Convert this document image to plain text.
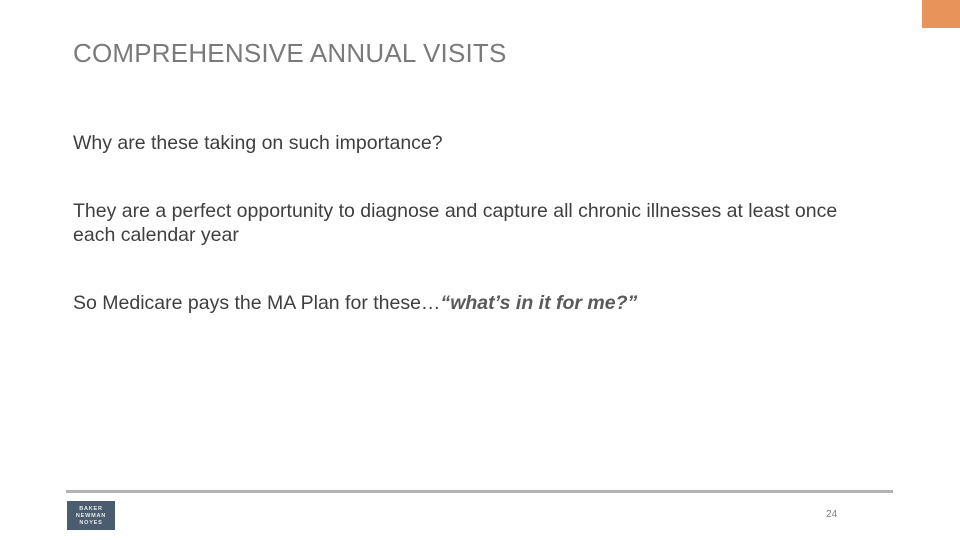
COMPREHENSIVE ANNUAL VISITS

Why are these taking on such importance?

They are a perfect opportunity to diagnose and capture all chronic illnesses at least once each calendar year

So Medicare pays the MA Plan for these…“what’s in it for me?”

BAKER
NEWMAN
NOYES
24
